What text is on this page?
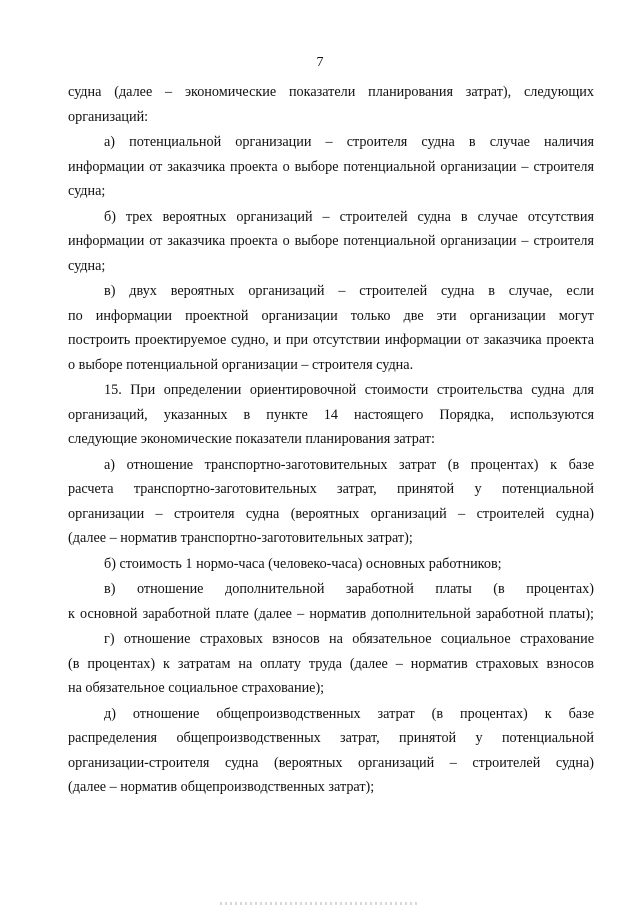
7
судна (далее – экономические показатели планирования затрат), следующих
организаций:
а) потенциальной организации – строителя судна в случае наличия
информации от заказчика проекта о выборе потенциальной организации – строителя
судна;
б) трех вероятных организаций – строителей судна в случае отсутствия
информации от заказчика проекта о выборе потенциальной организации – строителя
судна;
в) двух вероятных организаций – строителей судна в случае, если
по информации проектной организации только две эти организации могут
построить проектируемое судно, и при отсутствии информации от заказчика проекта
о выборе потенциальной организации – строителя судна.
15. При определении ориентировочной стоимости строительства судна для
организаций, указанных в пункте 14 настоящего Порядка, используются
следующие экономические показатели планирования затрат:
а) отношение транспортно-заготовительных затрат (в процентах) к базе
расчета транспортно-заготовительных затрат, принятой у потенциальной
организации – строителя судна (вероятных организаций – строителей судна)
(далее – норматив транспортно-заготовительных затрат);
б) стоимость 1 нормо-часа (человеко-часа) основных работников;
в) отношение дополнительной заработной платы (в процентах)
к основной заработной плате (далее – норматив дополнительной заработной платы);
г) отношение страховых взносов на обязательное социальное страхование
(в процентах) к затратам на оплату труда (далее – норматив страховых взносов
на обязательное социальное страхование);
д) отношение общепроизводственных затрат (в процентах) к базе
распределения общепроизводственных затрат, принятой у потенциальной
организации-строителя судна (вероятных организаций – строителей судна)
(далее – норматив общепроизводственных затрат);
